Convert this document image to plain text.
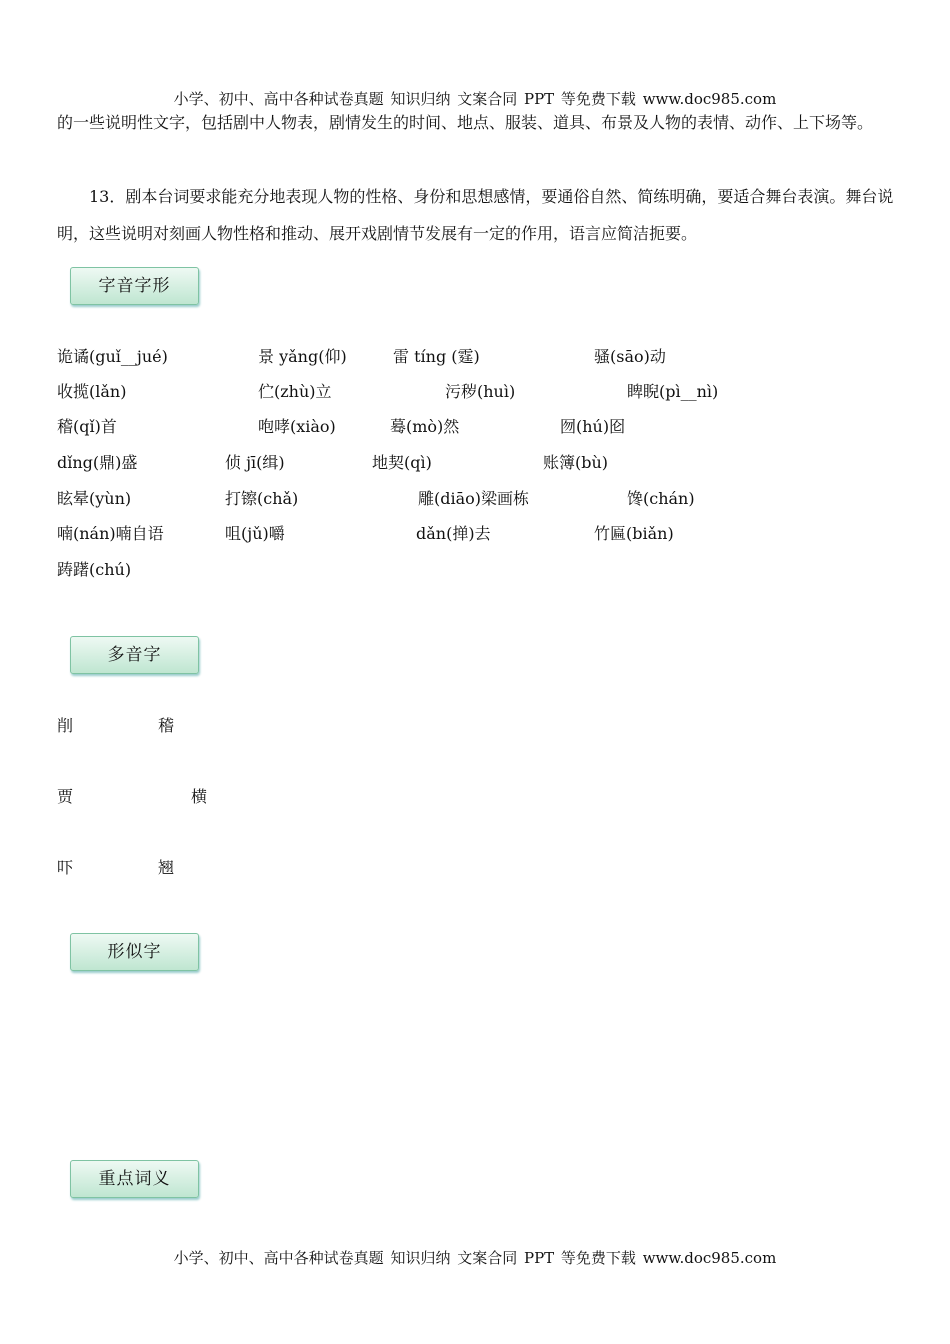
小学、初中、高中各种试卷真题 知识归纳 文案合同 PPT 等免费下载 www.doc985.com
的一些说明性文字，包括剧中人物表，剧情发生的时间、地点、服装、道具、布景及人物的表情、动作、上下场等。
13．剧本台词要求能充分地表现人物的性格、身份和思想感情，要通俗自然、简练明确，要适合舞台表演。舞台说明，这些说明对刻画人物性格和推动、展开戏剧情节发展有一定的作用，语言应简洁扼要。
字音字形
诡谲(guǐ__jué)	景 yǎng(仰)	雷 tíng (霆)	骚(sāo)动
收揽(lǎn)	伫(zhù)立	污秽(huì)	睥睨(pì__nì)
稽(qǐ)首	咆哮(xiào)	蓦(mò)然	囫(hú)囵
dǐng(鼎)盛	侦 jī(缉)	地契(qì)	账簿(bù)
眩晕(yùn)	打镲(chǎ)	雕(diāo)梁画栋	馋(chán)
喃(nán)喃自语	咀(jǔ)嚼	dǎn(掸)去	竹匾(biǎn)
踌躇(chú)
多音字
削	稽
贾	横
吓	翘
形似字
重点词义
小学、初中、高中各种试卷真题 知识归纳 文案合同 PPT 等免费下载 www.doc985.com
